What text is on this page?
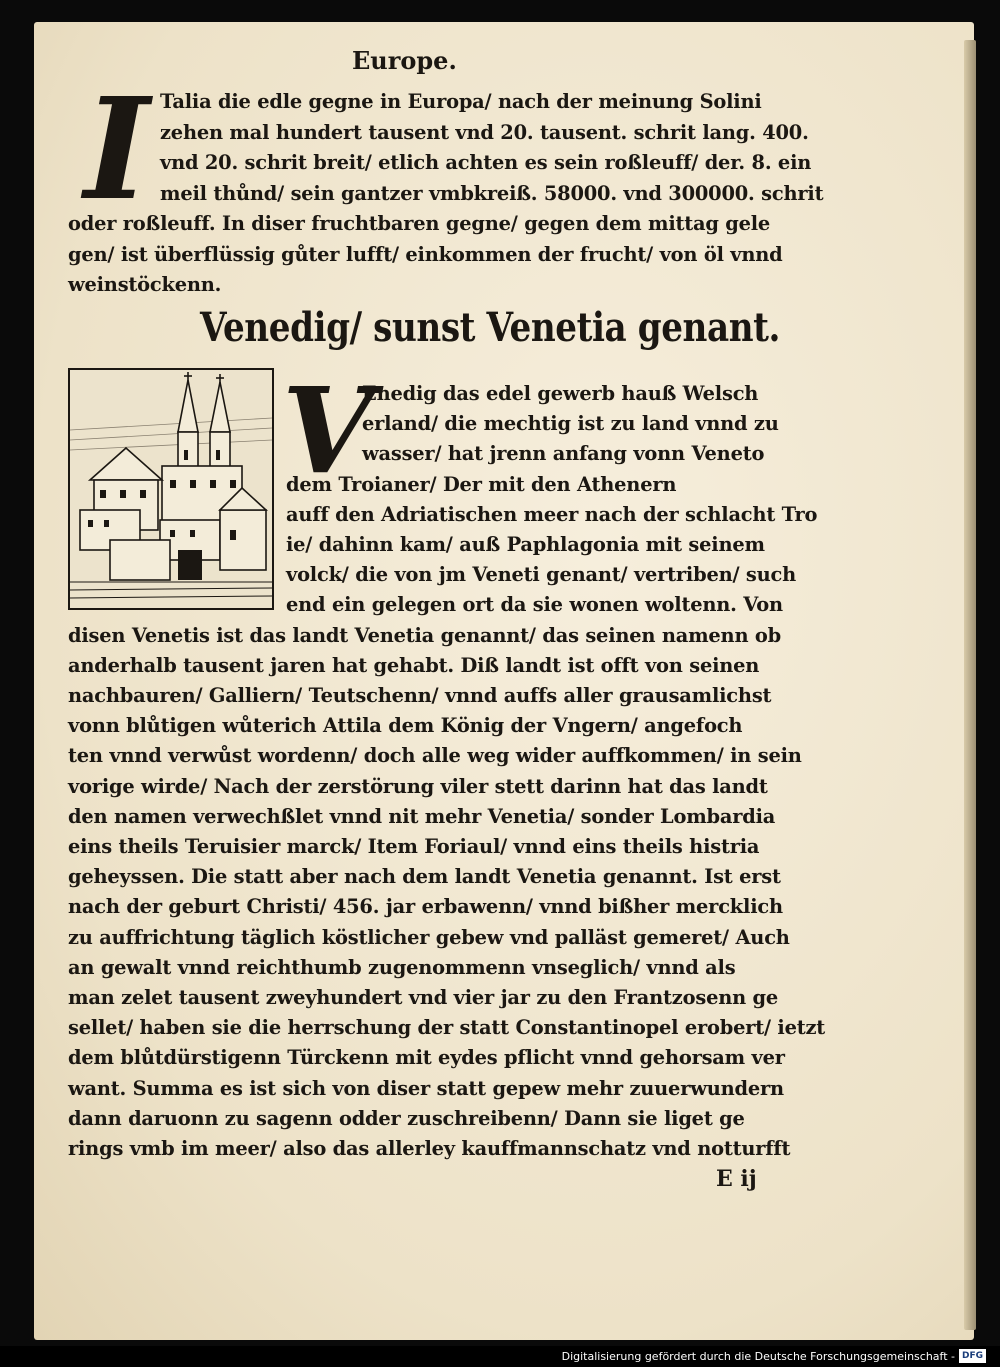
Europe.
I Talia die edle gegne in Europa/ nach der meinung Solini
zehen mal hundert tausent vnd 20. tausent. schrit lang. 400.
vnd 20. schrit breit/ etlich achten es sein roßleuff/ der. 8. ein
meil thůnd/ sein gantzer vmbkreiß. 58000. vnd 300000. schrit
oder roßleuff. In diser fruchtbaren gegne/ gegen dem mittag gele
gen/ ist überflüssig gůter lufft/ einkommen der frucht/ von öl vnnd
weinstöckenn.
Venedig/ sunst Venetia genant.
V
Enedig das edel gewerb hauß Welsch
erland/ die mechtig ist zu land vnnd zu
wasser/ hat jrenn anfang vonn Veneto
dem Troianer/ Der mit den Athenern
auff den Adriatischen meer nach der schlacht Tro
ie/ dahinn kam/ auß Paphlagonia mit seinem
volck/ die von jm Veneti genant/ vertriben/ such
end ein gelegen ort da sie wonen woltenn. Von
disen Venetis ist das landt Venetia genannt/ das seinen namenn ob
anderhalb tausent jaren hat gehabt. Diß landt ist offt von seinen
nachbauren/ Galliern/ Teutschenn/ vnnd auffs aller grausamlichst
vonn blůtigen wůterich Attila dem König der Vngern/ angefoch
ten vnnd verwůst wordenn/ doch alle weg wider auffkommen/ in sein
vorige wirde/ Nach der zerstörung viler stett darinn hat das landt
den namen verwechßlet vnnd nit mehr Venetia/ sonder Lombardia
eins theils Teruisier marck/ Item Foriaul/ vnnd eins theils histria
geheyssen. Die statt aber nach dem landt Venetia genannt. Ist erst
nach der geburt Christi/ 456. jar erbawenn/ vnnd bißher mercklich
zu auffrichtung täglich köstlicher gebew vnd palläst gemeret/ Auch
an gewalt vnnd reichthumb zugenommenn vnseglich/ vnnd als
man zelet tausent zweyhundert vnd vier jar zu den Frantzosenn ge
sellet/ haben sie die herrschung der statt Constantinopel erobert/ ietzt
dem blůtdürstigenn Türckenn mit eydes pflicht vnnd gehorsam ver
want. Summa es ist sich von diser statt gepew mehr zuuerwundern
dann daruonn zu sagenn odder zuschreibenn/ Dann sie liget ge
rings vmb im meer/ also das allerley kauffmannschatz vnd notturfft
E ij
Digitalisierung gefördert durch die Deutsche Forschungsgemeinschaft - DFG
